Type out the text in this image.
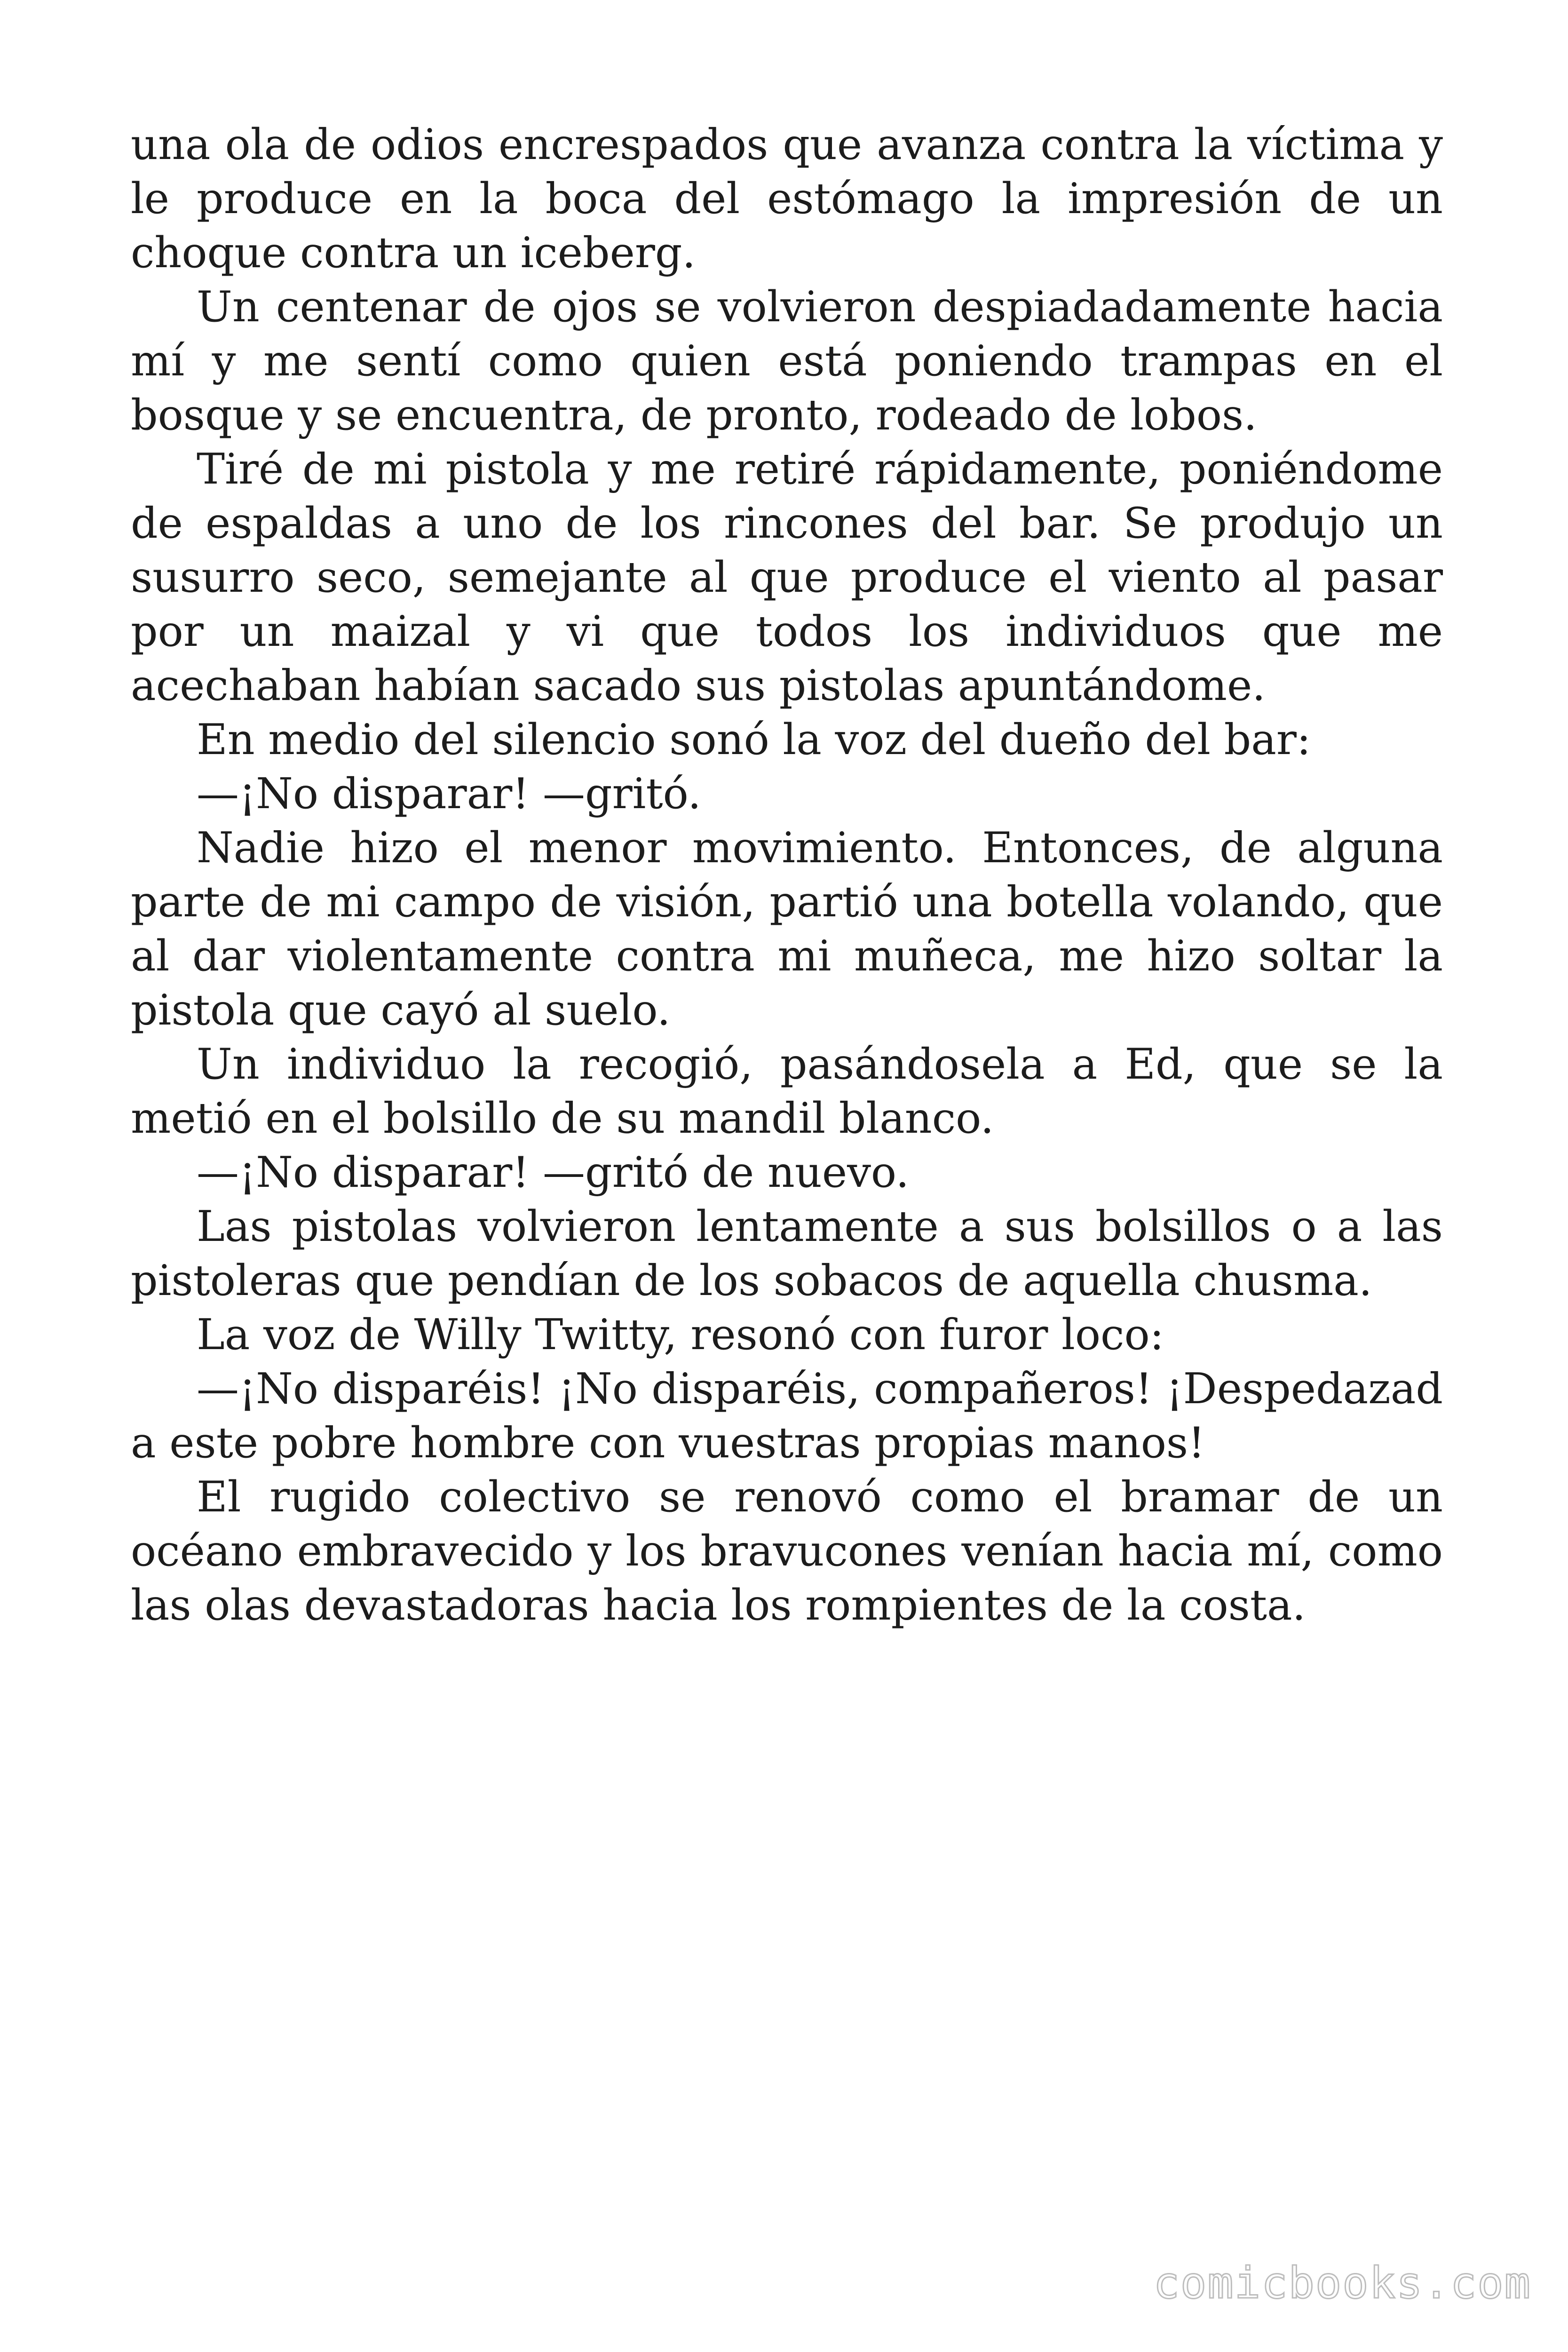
una ola de odios encrespados que avanza contra la víctima y le produce en la boca del estómago la impresión de un choque contra un iceberg.

Un centenar de ojos se volvieron despiadadamente hacia mí y me sentí como quien está poniendo trampas en el bosque y se encuentra, de pronto, rodeado de lobos.

Tiré de mi pistola y me retiré rápidamente, poniéndome de espaldas a uno de los rincones del bar. Se produjo un susurro seco, semejante al que produce el viento al pasar por un maizal y vi que todos los individuos que me acechaban habían sacado sus pistolas apuntándome.

En medio del silencio sonó la voz del dueño del bar:

—¡No disparar! —gritó.

Nadie hizo el menor movimiento. Entonces, de alguna parte de mi campo de visión, partió una botella volando, que al dar violentamente contra mi muñeca, me hizo soltar la pistola que cayó al suelo.

Un individuo la recogió, pasándosela a Ed, que se la metió en el bolsillo de su mandil blanco.

—¡No disparar! —gritó de nuevo.

Las pistolas volvieron lentamente a sus bolsillos o a las pistoleras que pendían de los sobacos de aquella chusma.

La voz de Willy Twitty, resonó con furor loco:

—¡No disparéis! ¡No disparéis, compañeros! ¡Despedazad a este pobre hombre con vuestras propias manos!

El rugido colectivo se renovó como el bramar de un océano embravecido y los bravucones venían hacia mí, como las olas devastadoras hacia los rompientes de la costa.

comicbooks.com
